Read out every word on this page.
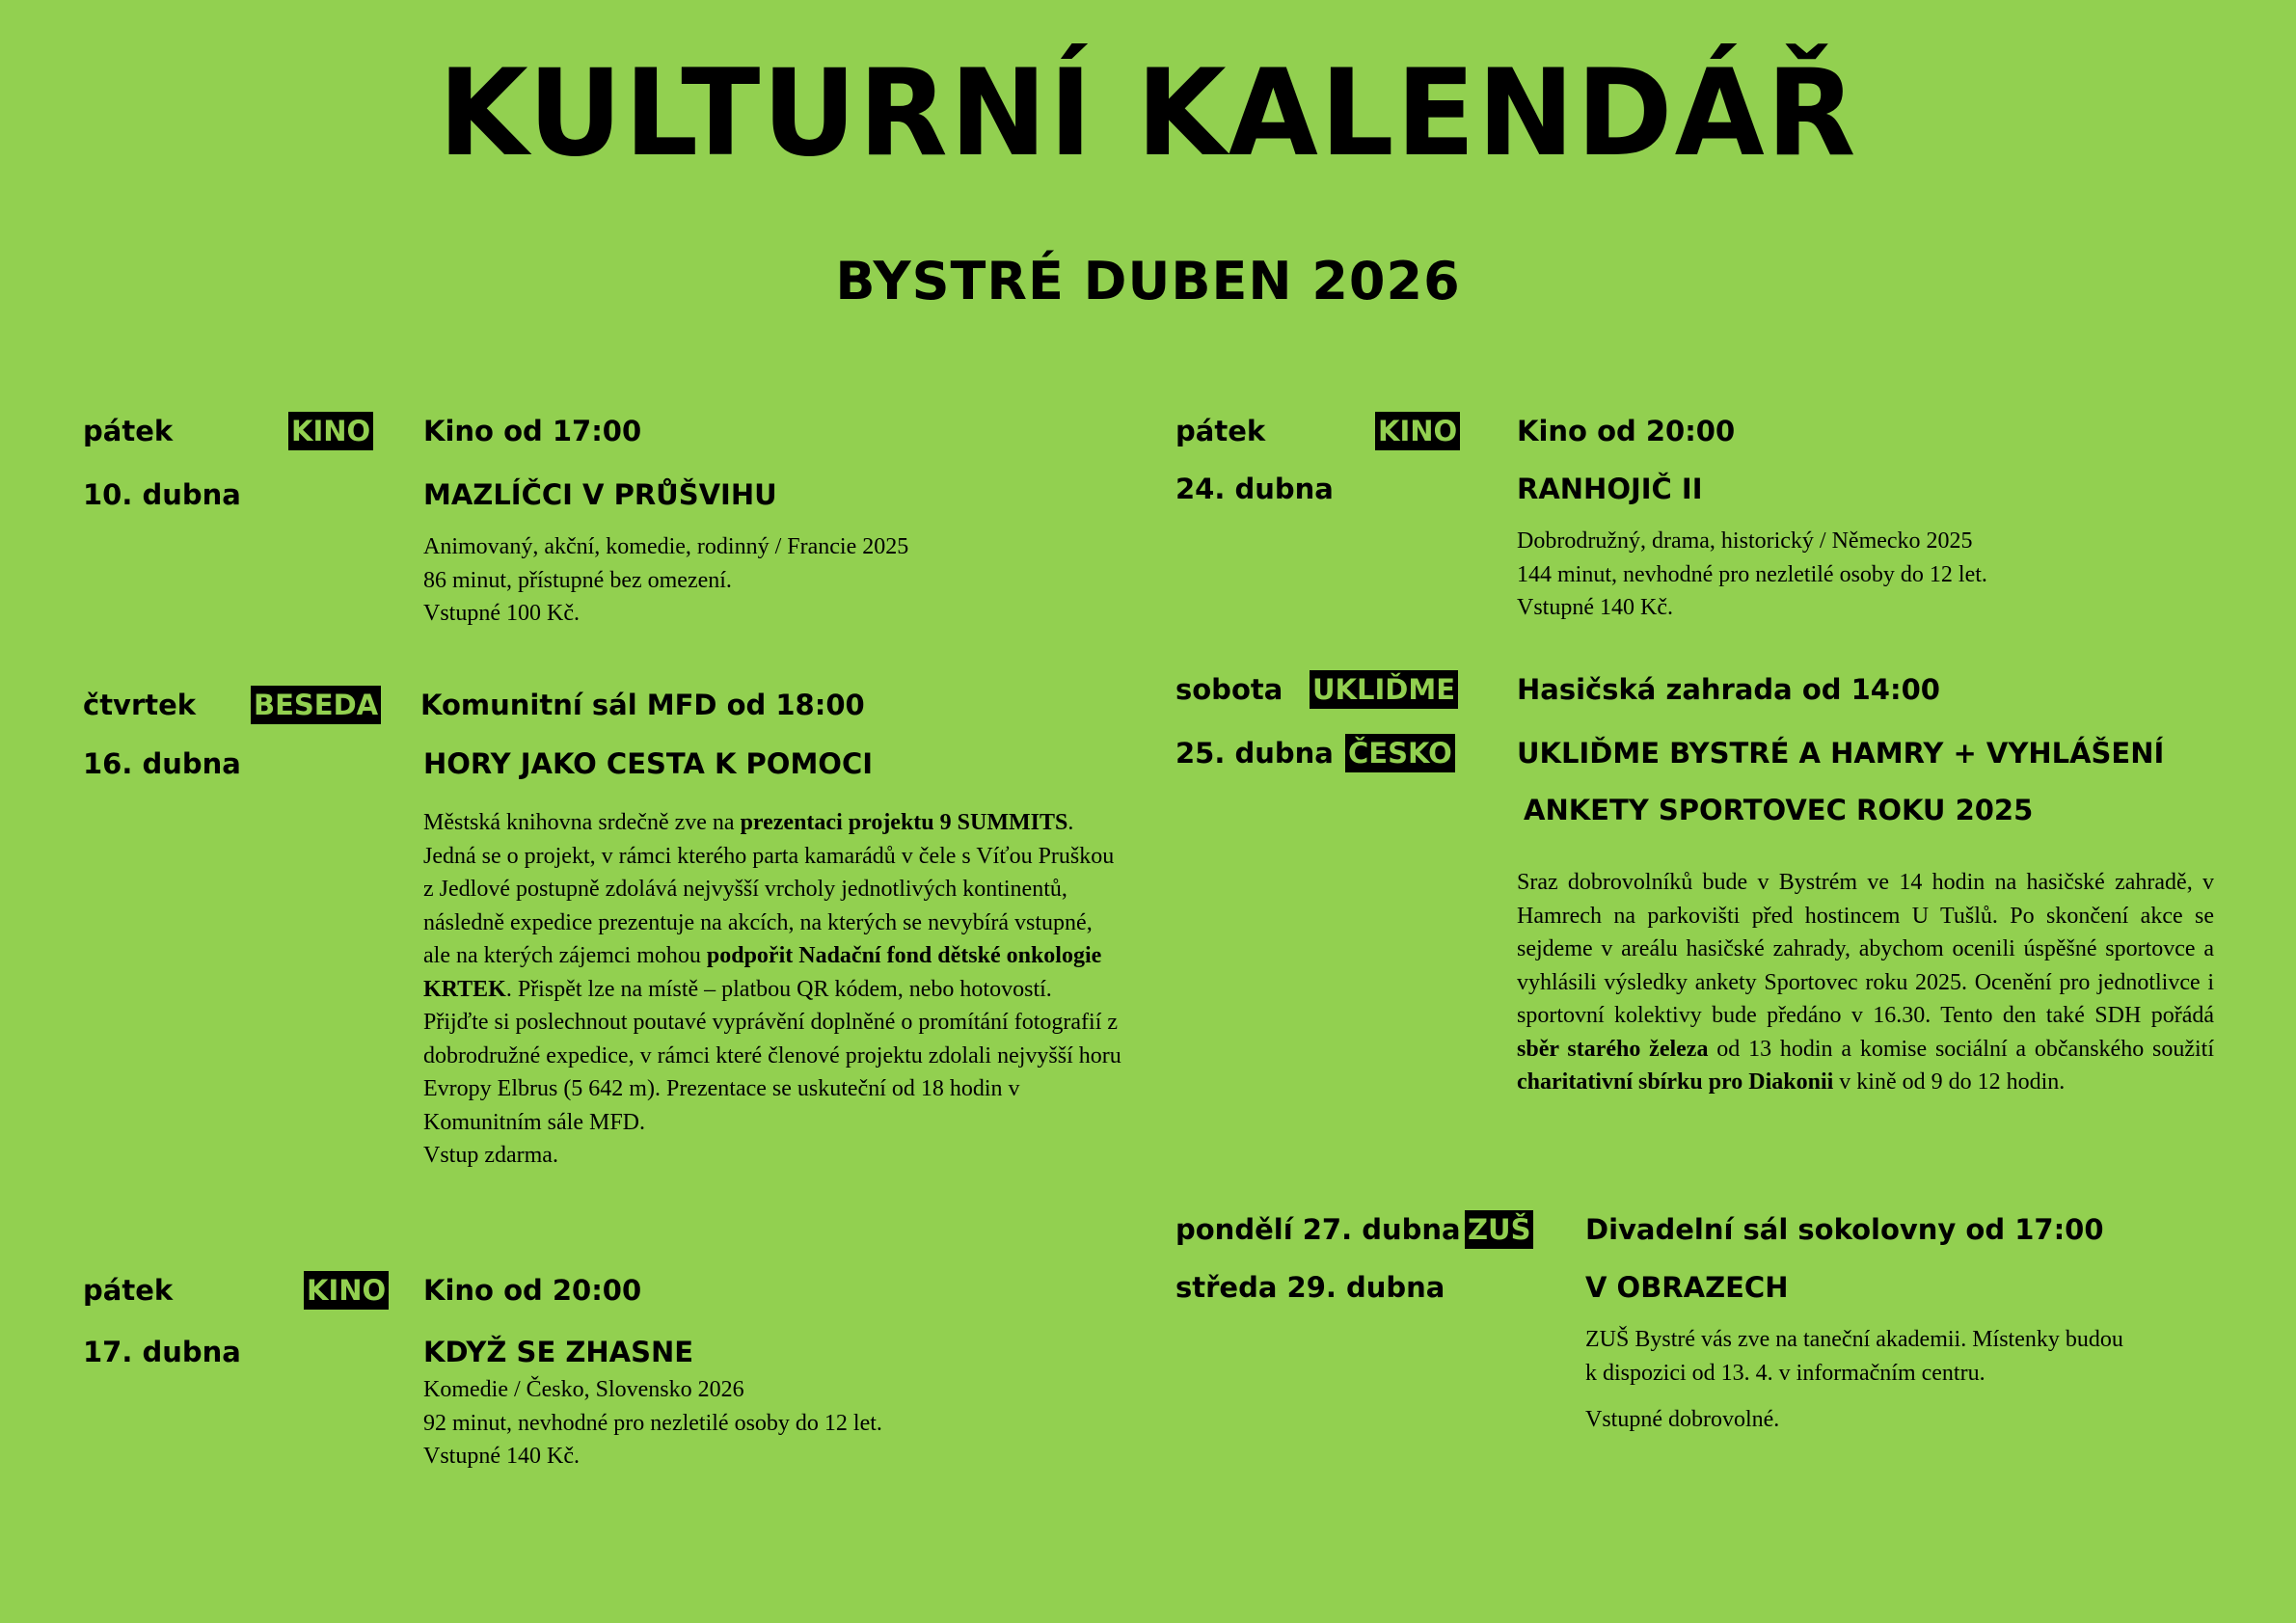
KULTURNÍ KALENDÁŘ
BYSTRÉ DUBEN 2026
pátek	KINO Kino od 17:00
10. dubna	MAZLÍČCI V PRŮŠVIHU
Animovaný, akční, komedie, rodinný / Francie 2025
86 minut, přístupné bez omezení.
Vstupné 100 Kč.
čtvrtek BESEDA Komunitní sál MFD od 18:00
16. dubna	HORY JAKO CESTA K POMOCI
Městská knihovna srdečně zve na prezentaci projektu 9 SUMMITS. Jedná se o projekt, v rámci kterého parta kamarádů v čele s Víťou Pruškou z Jedlové postupně zdolává nejvyšší vrcholy jednotlivých kontinentů, následně expedice prezentuje na akcích, na kterých se nevybírá vstupné, ale na kterých zájemci mohou podpořit Nadační fond dětské onkologie KRTEK. Přispět lze na místě – platbou QR kódem, nebo hotovostí. Přijďte si poslechnout poutavé vyprávění doplněné o promítání fotografií z dobrodružné expedice, v rámci které členové projektu zdolali nejvyšší horu Evropy Elbrus (5 642 m). Prezentace se uskuteční od 18 hodin v Komunitním sále MFD.
Vstup zdarma.
pátek	KINO Kino od 20:00
17. dubna	KDYŽ SE ZHASNE
Komedie / Česko, Slovensko 2026
92 minut, nevhodné pro nezletilé osoby do 12 let.
Vstupné 140 Kč.
pátek	KINO Kino od 20:00
24. dubna	RANHOJIČ II
Dobrodružný, drama, historický / Německo 2025
144 minut, nevhodné pro nezletilé osoby do 12 let.
Vstupné 140 Kč.
sobota UKLIĎME Hasičská zahrada od 14:00
25. dubna ČESKO UKLIĎME BYSTRÉ A HAMRY + VYHLÁŠENÍ
ANKETY SPORTOVEC ROKU 2025
Sraz dobrovolníků bude v Bystrém ve 14 hodin na hasičské zahradě, v Hamrech na parkovišti před hostincem U Tušlů. Po skončení akce se sejdeme v areálu hasičské zahrady, abychom ocenili úspěšné sportovce a vyhlásili výsledky ankety Sportovec roku 2025. Ocenění pro jednotlivce i sportovní kolektivy bude předáno v 16.30. Tento den také SDH pořádá sběr starého železa od 13 hodin a komise sociální a občanského soužití charitativní sbírku pro Diakonii v kině od 9 do 12 hodin.
pondělí 27. dubna ZUŠ Divadelní sál sokolovny od 17:00
středa 29. dubna	V OBRAZECH
ZUŠ Bystré vás zve na taneční akademii. Místenky budou
k dispozici od 13. 4. v informačním centru.
Vstupné dobrovolné.
